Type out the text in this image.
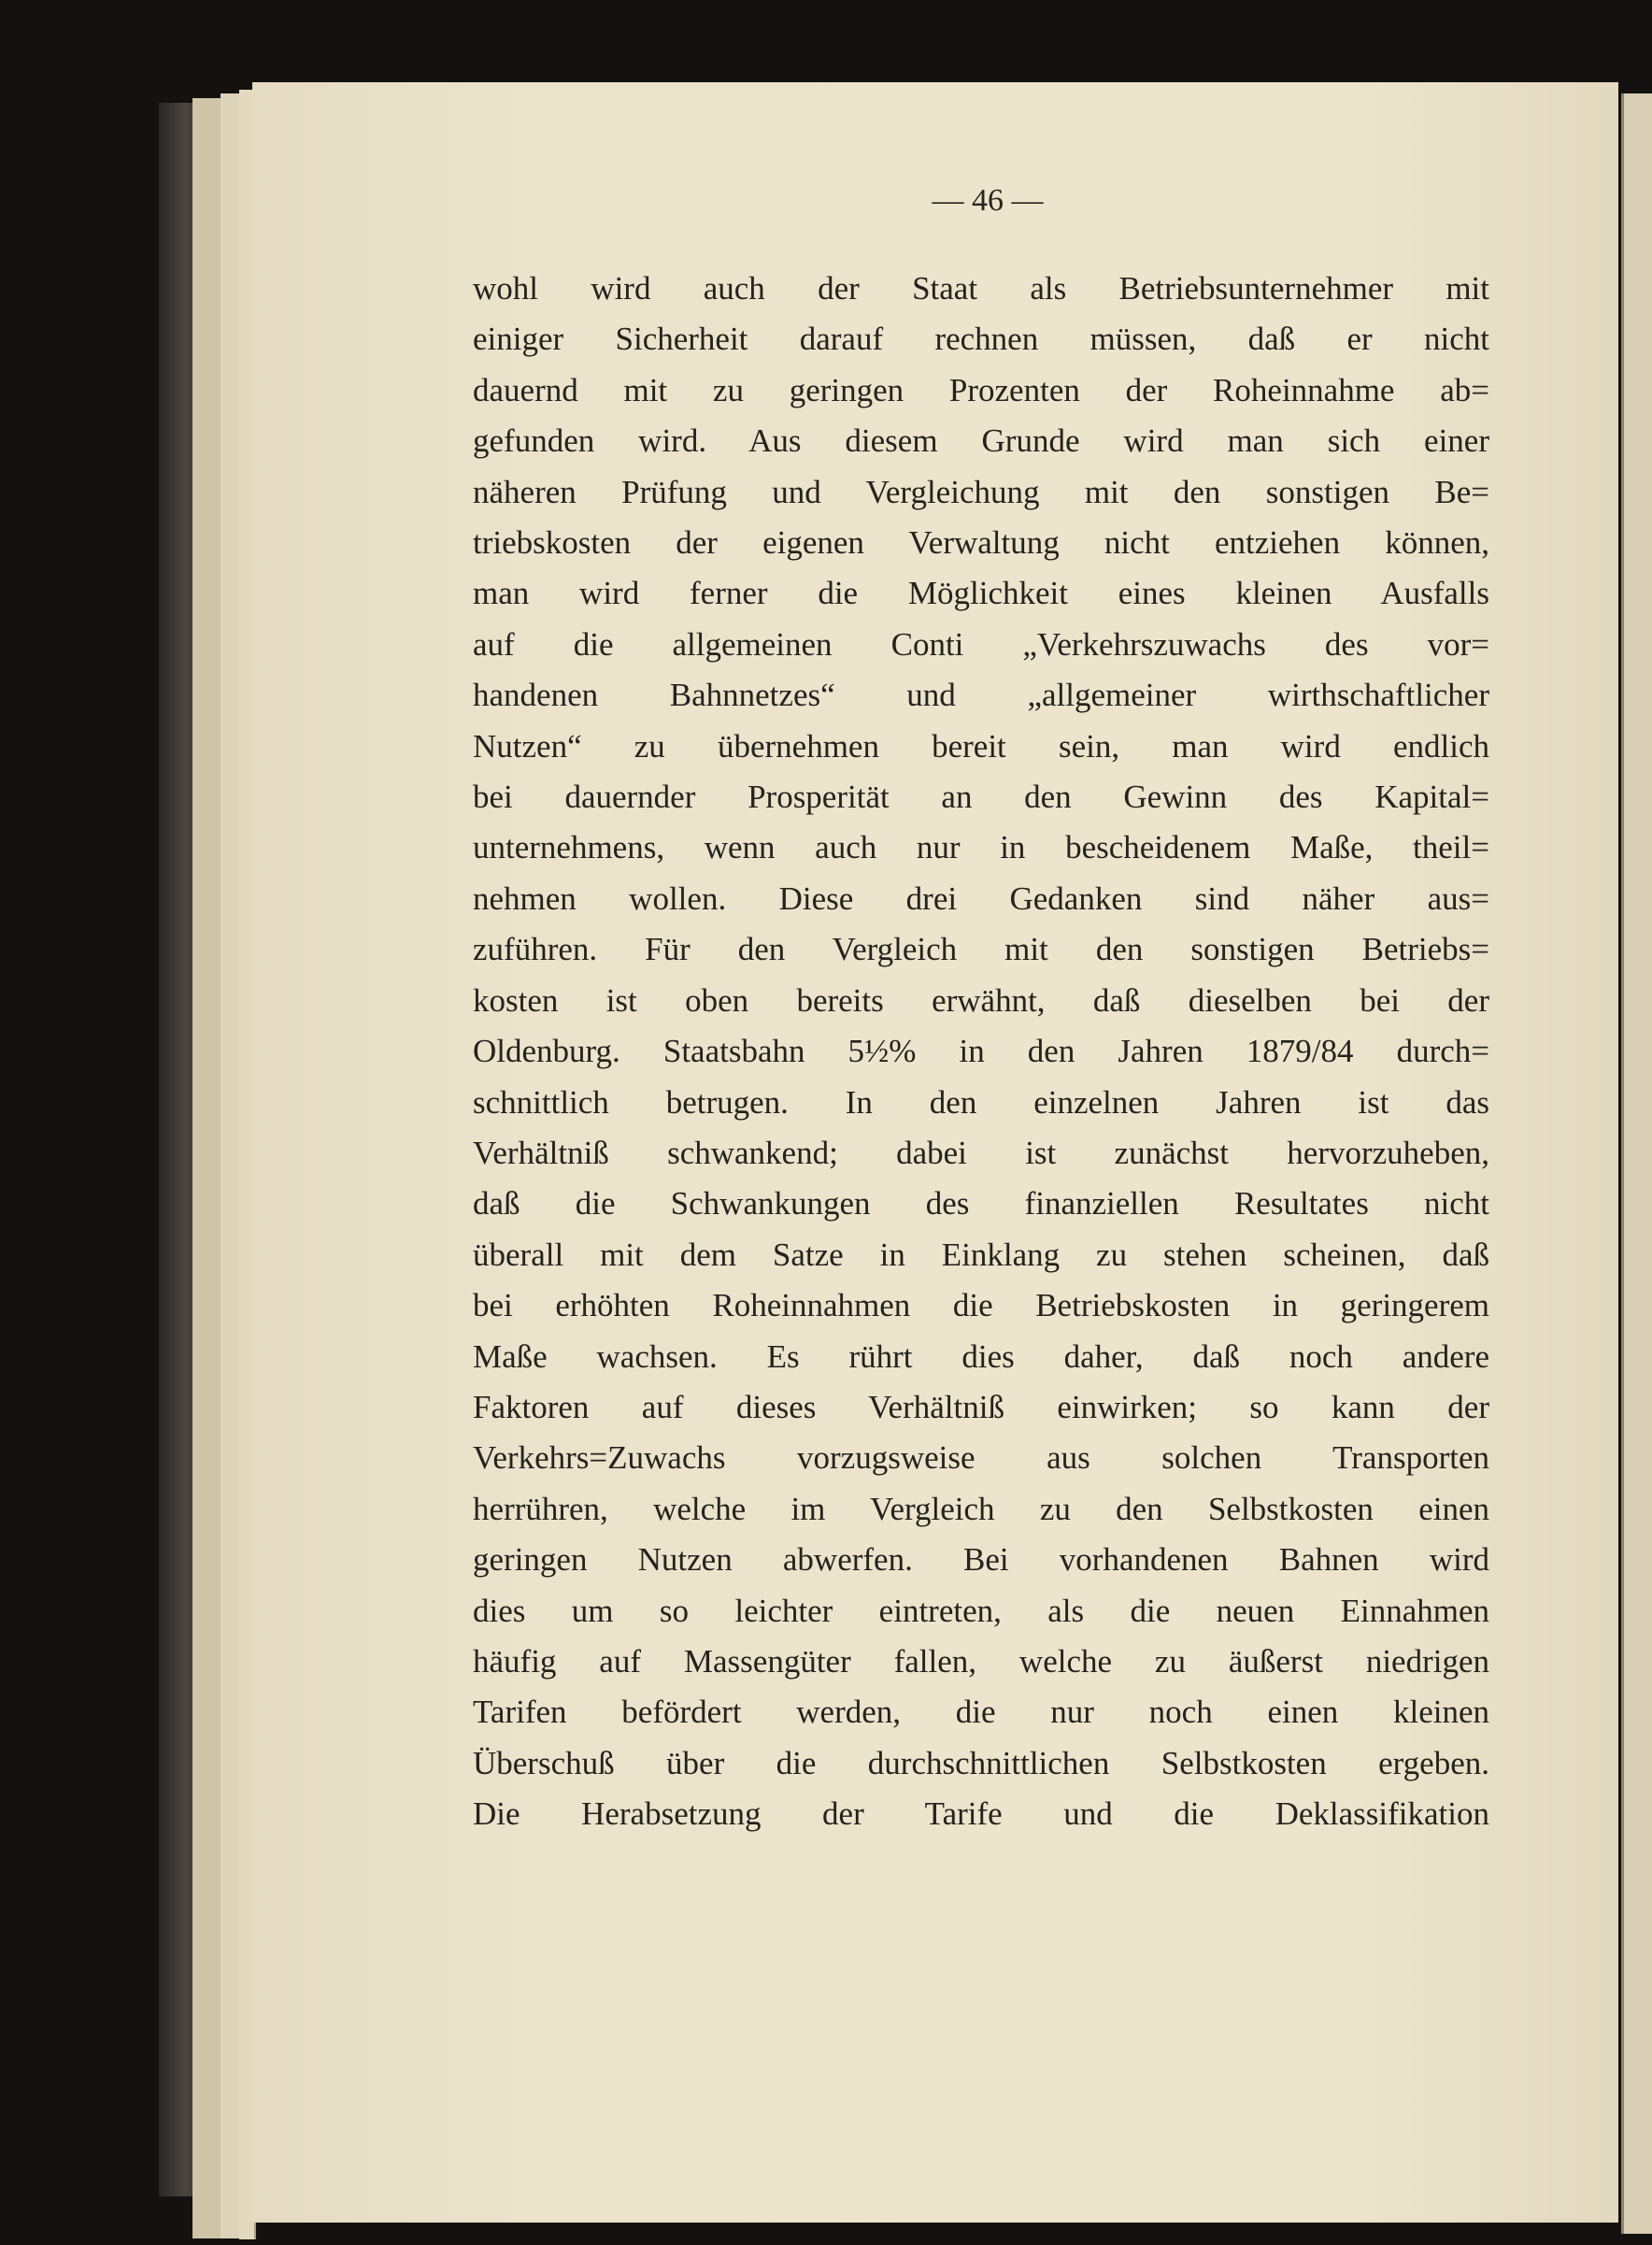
— 46 —
wohl wird auch der Staat als Betriebsunternehmer mit
einiger Sicherheit darauf rechnen müssen, daß er nicht
dauernd mit zu geringen Prozenten der Roheinnahme ab=
gefunden wird. Aus diesem Grunde wird man sich einer
näheren Prüfung und Vergleichung mit den sonstigen Be=
triebskosten der eigenen Verwaltung nicht entziehen können,
man wird ferner die Möglichkeit eines kleinen Ausfalls
auf die allgemeinen Conti „Verkehrszuwachs des vor=
handenen Bahnnetzes“ und „allgemeiner wirthschaftlicher
Nutzen“ zu übernehmen bereit sein, man wird endlich
bei dauernder Prosperität an den Gewinn des Kapital=
unternehmens, wenn auch nur in bescheidenem Maße, theil=
nehmen wollen. Diese drei Gedanken sind näher aus=
zuführen. Für den Vergleich mit den sonstigen Betriebs=
kosten ist oben bereits erwähnt, daß dieselben bei der
Oldenburg. Staatsbahn 5½% in den Jahren 1879/84 durch=
schnittlich betrugen. In den einzelnen Jahren ist das
Verhältniß schwankend; dabei ist zunächst hervorzuheben,
daß die Schwankungen des finanziellen Resultates nicht
überall mit dem Satze in Einklang zu stehen scheinen, daß
bei erhöhten Roheinnahmen die Betriebskosten in geringerem
Maße wachsen. Es rührt dies daher, daß noch andere
Faktoren auf dieses Verhältniß einwirken; so kann der
Verkehrs=Zuwachs vorzugsweise aus solchen Transporten
herrühren, welche im Vergleich zu den Selbstkosten einen
geringen Nutzen abwerfen. Bei vorhandenen Bahnen wird
dies um so leichter eintreten, als die neuen Einnahmen
häufig auf Massengüter fallen, welche zu äußerst niedrigen
Tarifen befördert werden, die nur noch einen kleinen
Überschuß über die durchschnittlichen Selbstkosten ergeben.
Die Herabsetzung der Tarife und die Deklassifikation
